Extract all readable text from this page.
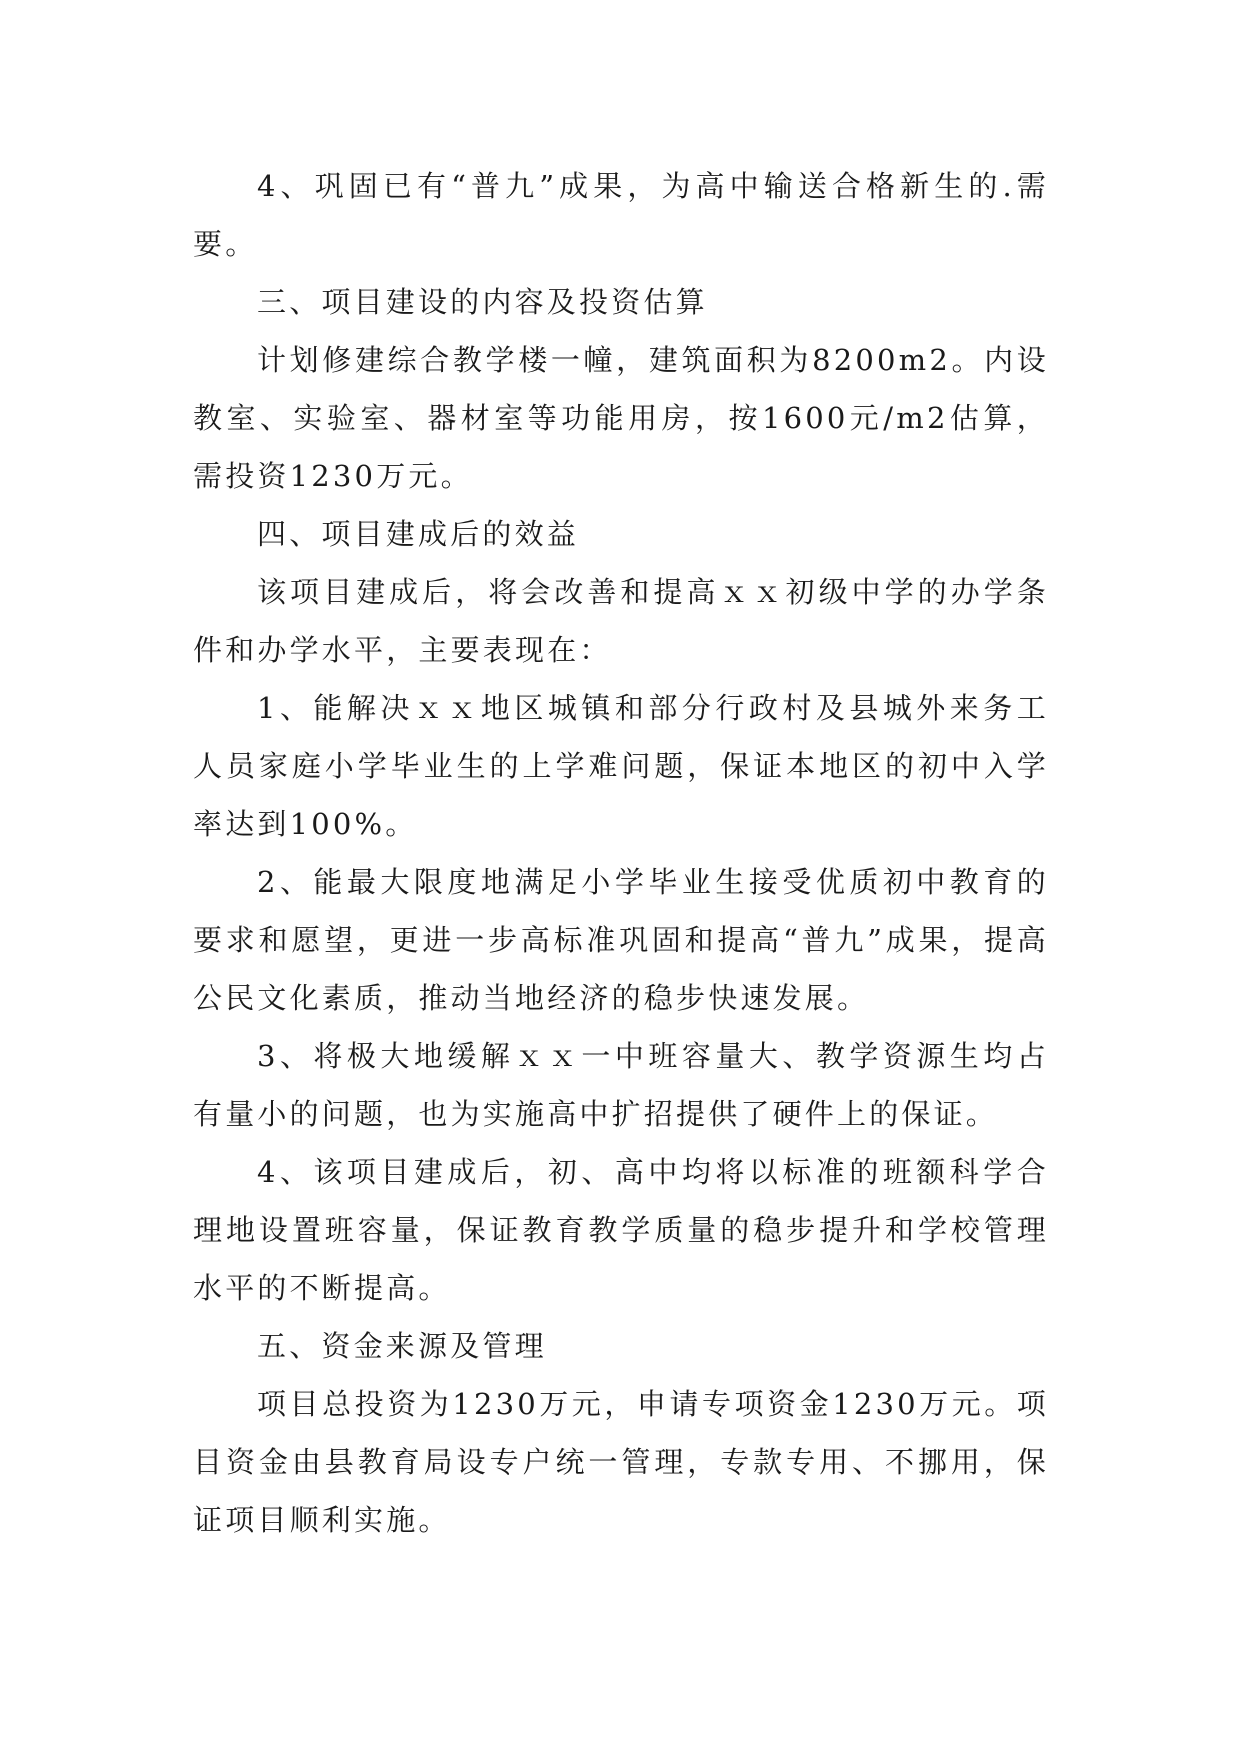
4、巩固已有“普九”成果，为高中输送合格新生的.需要。

三、项目建设的内容及投资估算

计划修建综合教学楼一幢，建筑面积为8200m2。内设教室、实验室、器材室等功能用房，按1600元/m2估算，需投资1230万元。

四、项目建成后的效益

该项目建成后，将会改善和提高ｘｘ初级中学的办学条件和办学水平，主要表现在：

1、能解决ｘｘ地区城镇和部分行政村及县城外来务工人员家庭小学毕业生的上学难问题，保证本地区的初中入学率达到100%。

2、能最大限度地满足小学毕业生接受优质初中教育的要求和愿望，更进一步高标准巩固和提高“普九”成果，提高公民文化素质，推动当地经济的稳步快速发展。

3、将极大地缓解ｘｘ一中班容量大、教学资源生均占有量小的问题，也为实施高中扩招提供了硬件上的保证。

4、该项目建成后，初、高中均将以标准的班额科学合理地设置班容量，保证教育教学质量的稳步提升和学校管理水平的不断提高。

五、资金来源及管理

项目总投资为1230万元，申请专项资金1230万元。项目资金由县教育局设专户统一管理，专款专用、不挪用，保证项目顺利实施。
